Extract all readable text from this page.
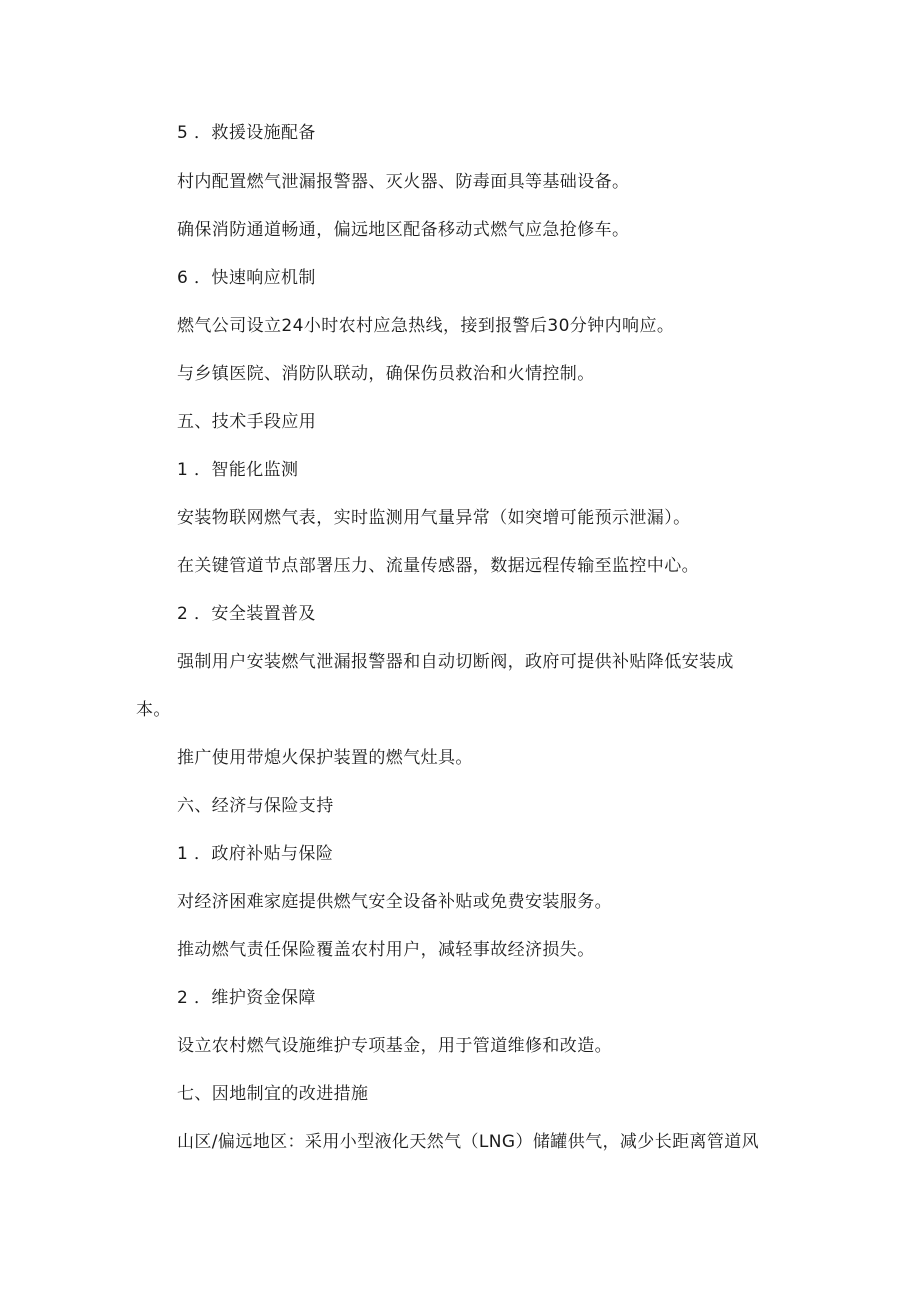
5 ．救援设施配备
村内配置燃气泄漏报警器、灭火器、防毒面具等基础设备。
确保消防通道畅通，偏远地区配备移动式燃气应急抢修车。
6 ．快速响应机制
燃气公司设立24小时农村应急热线，接到报警后30分钟内响应。
与乡镇医院、消防队联动，确保伤员救治和火情控制。
五、技术手段应用
1 ．智能化监测
安装物联网燃气表，实时监测用气量异常（如突增可能预示泄漏）。
在关键管道节点部署压力、流量传感器，数据远程传输至监控中心。
2 ．安全装置普及
强制用户安装燃气泄漏报警器和自动切断阀，政府可提供补贴降低安装成
本。
推广使用带熄火保护装置的燃气灶具。
六、经济与保险支持
1 ．政府补贴与保险
对经济困难家庭提供燃气安全设备补贴或免费安装服务。
推动燃气责任保险覆盖农村用户，减轻事故经济损失。
2 ．维护资金保障
设立农村燃气设施维护专项基金，用于管道维修和改造。
七、因地制宜的改进措施
山区/偏远地区：采用小型液化天然气（LNG）储罐供气，减少长距离管道风
